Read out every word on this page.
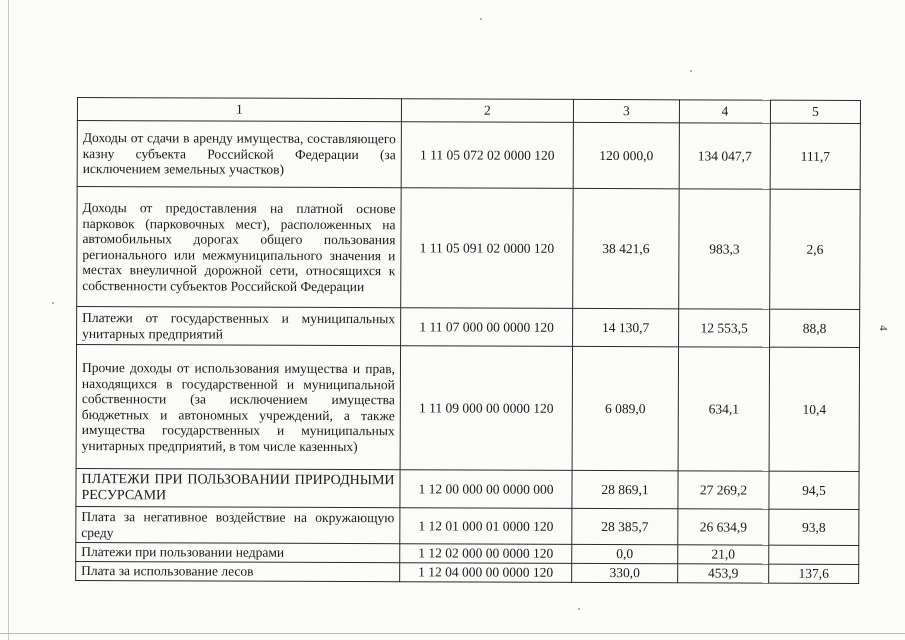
4
1	2	3	4	5
Доходы от сдачи в аренду имущества, составляющего казну субъекта Российской Федерации (за исключением земельных участков)	1 11 05 072 02 0000 120	120 000,0	134 047,7	111,7
Доходы от предоставления на платной основе парковок (парковочных мест), расположенных на автомобильных дорогах общего пользования регионального или межмуниципального значения и местах внеуличной дорожной сети, относящихся к собственности субъектов Российской Федерации	1 11 05 091 02 0000 120	38 421,6	983,3	2,6
Платежи от государственных и муниципальных унитарных предприятий	1 11 07 000 00 0000 120	14 130,7	12 553,5	88,8
Прочие доходы от использования имущества и прав, находящихся в государственной и муниципальной собственности (за исключением имущества бюджетных и автономных учреждений, а также имущества государственных и муниципальных унитарных предприятий, в том числе казенных)	1 11 09 000 00 0000 120	6 089,0	634,1	10,4
ПЛАТЕЖИ ПРИ ПОЛЬЗОВАНИИ ПРИРОДНЫМИ РЕСУРСАМИ	1 12 00 000 00 0000 000	28 869,1	27 269,2	94,5
Плата за негативное воздействие на окружающую среду	1 12 01 000 01 0000 120	28 385,7	26 634,9	93,8
Платежи при пользовании недрами	1 12 02 000 00 0000 120	0,0	21,0	
Плата за использование лесов	1 12 04 000 00 0000 120	330,0	453,9	137,6
